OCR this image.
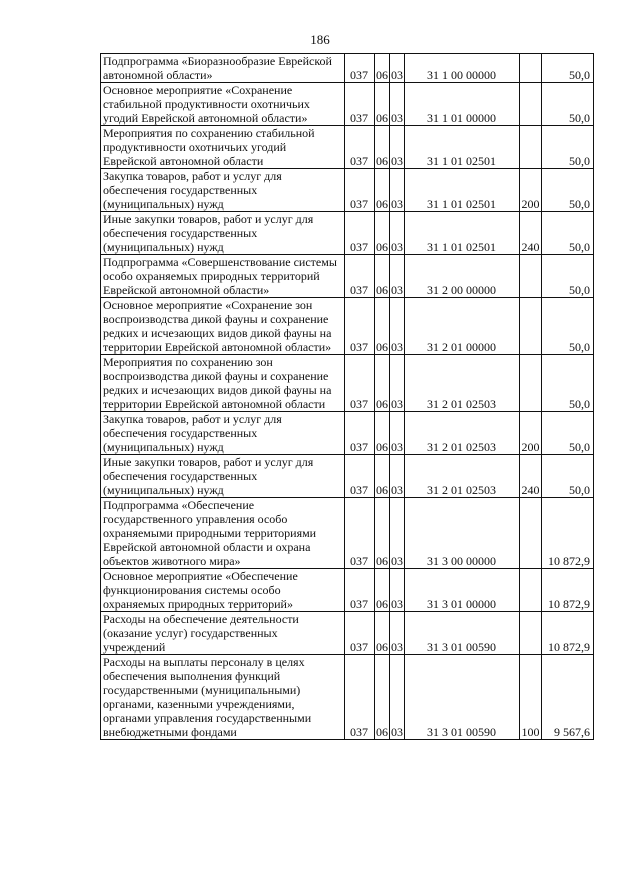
186
Подпрограмма «Биоразнообразие Еврейской автономной области»	037	06	03	31 1 00 00000		50,0
Основное мероприятие «Сохранение стабильной продуктивности охотничьих угодий Еврейской автономной области»	037	06	03	31 1 01 00000		50,0
Мероприятия по сохранению стабильной продуктивности охотничьих угодий Еврейской автономной области	037	06	03	31 1 01 02501		50,0
Закупка товаров, работ и услуг для обеспечения государственных (муниципальных) нужд	037	06	03	31 1 01 02501	200	50,0
Иные закупки товаров, работ и услуг для обеспечения государственных (муниципальных) нужд	037	06	03	31 1 01 02501	240	50,0
Подпрограмма «Совершенствование системы особо охраняемых природных территорий Еврейской автономной области»	037	06	03	31 2 00 00000		50,0
Основное мероприятие «Сохранение зон воспроизводства дикой фауны и сохранение редких и исчезающих видов дикой фауны на территории Еврейской автономной области»	037	06	03	31 2 01 00000		50,0
Мероприятия по сохранению зон воспроизводства дикой фауны и сохранение редких и исчезающих видов дикой фауны на территории Еврейской автономной области	037	06	03	31 2 01 02503		50,0
Закупка товаров, работ и услуг для обеспечения государственных (муниципальных) нужд	037	06	03	31 2 01 02503	200	50,0
Иные закупки товаров, работ и услуг для обеспечения государственных (муниципальных) нужд	037	06	03	31 2 01 02503	240	50,0
Подпрограмма «Обеспечение государственного управления особо охраняемыми природными территориями Еврейской автономной области и охрана объектов животного мира»	037	06	03	31 3 00 00000		10 872,9
Основное мероприятие «Обеспечение функционирования системы особо охраняемых природных территорий»	037	06	03	31 3 01 00000		10 872,9
Расходы на обеспечение деятельности (оказание услуг) государственных учреждений	037	06	03	31 3 01 00590		10 872,9
Расходы на выплаты персоналу в целях обеспечения выполнения функций государственными (муниципальными) органами, казенными учреждениями, органами управления государственными внебюджетными фондами	037	06	03	31 3 01 00590	100	9 567,6
